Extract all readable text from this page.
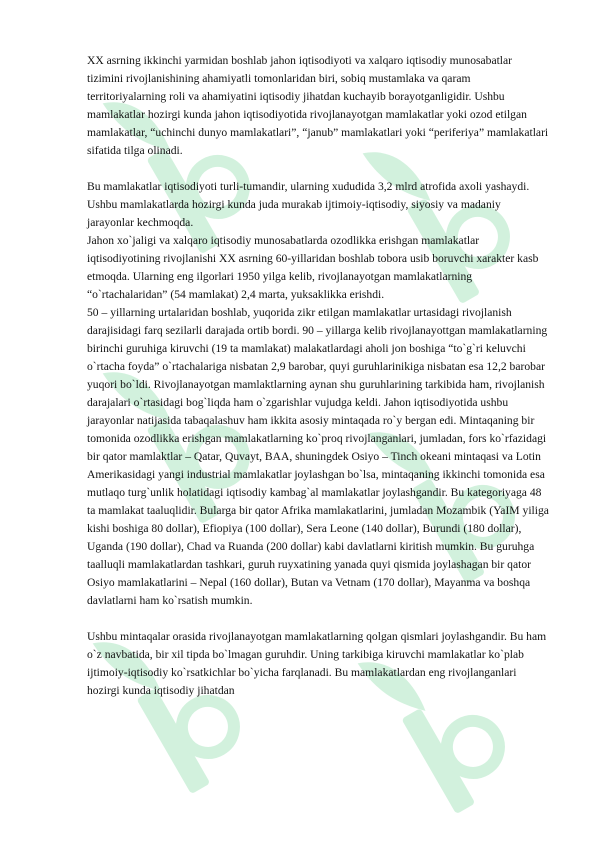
XX asrning ikkinchi yarmidan boshlab jahon iqtisodiyoti va xalqaro iqtisodiy munosabatlar tizimini rivojlanishining ahamiyatli tomonlaridan biri, sobiq mustamlaka va qaram territoriyalarning roli va ahamiyatini iqtisodiy jihatdan kuchayib borayotganligidir. Ushbu mamlakatlar hozirgi kunda jahon iqtisodiyotida rivojlanayotgan mamlakatlar yoki ozod etilgan mamlakatlar, “uchinchi dunyo mamlakatlari”, “janub” mamlakatlari yoki “periferiya” mamlakatlari sifatida tilga olinadi.

Bu mamlakatlar iqtisodiyoti turli-tumandir, ularning xududida 3,2 mlrd atrofida axoli yashaydi. Ushbu mamlakatlarda hozirgi kunda juda murakab ijtimoiy-iqtisodiy, siyosiy va madaniy jarayonlar kechmoqda.

Jahon xo`jaligi va xalqaro iqtisodiy munosabatlarda ozodlikka erishgan mamlakatlar iqtisodiyotining rivojlanishi XX asrning 60-yillaridan boshlab tobora usib boruvchi xarakter kasb etmoqda. Ularning eng ilgorlari 1950 yilga kelib, rivojlanayotgan mamlakatlarning “o`rtachalaridan” (54 mamlakat) 2,4 marta, yuksaklikka erishdi.

50 – yillarning urtalaridan boshlab, yuqorida zikr etilgan mamlakatlar urtasidagi rivojlanish darajisidagi farq sezilarli darajada ortib bordi. 90 – yillarga kelib rivojlanayottgan mamlakatlarning birinchi guruhiga kiruvchi (19 ta mamlakat) malakatlardagi aholi jon boshiga “to`g`ri keluvchi o`rtacha foyda” o`rtachalariga nisbatan 2,9 barobar, quyi guruhlarinikiga nisbatan esa 12,2 barobar yuqori bo`ldi. Rivojlanayotgan mamlaktlarning aynan shu guruhlarining tarkibida ham, rivojlanish darajalari o`rtasidagi bog`liqda ham o`zgarishlar vujudga keldi. Jahon iqtisodiyotida ushbu jarayonlar natijasida tabaqalashuv ham ikkita asosiy mintaqada ro`y bergan edi. Mintaqaning bir tomonida ozodlikka erishgan mamlakatlarning ko`proq rivojlanganlari, jumladan, fors ko`rfazidagi bir qator mamlaktlar – Qatar, Quvayt, BAA, shuningdek Osiyo – Tinch okeani mintaqasi va Lotin Amerikasidagi yangi industrial mamlakatlar joylashgan bo`lsa, mintaqaning ikkinchi tomonida esa mutlaqo turg`unlik holatidagi iqtisodiy kambag`al mamlakatlar joylashgandir. Bu kategoriyaga 48 ta mamlakat taaluqlidir. Bularga bir qator Afrika mamlakatlarini, jumladan Mozambik (YaIM yiliga kishi boshiga 80 dollar), Efiopiya (100 dollar), Sera Leone (140 dollar), Burundi (180 dollar), Uganda (190 dollar), Chad va Ruanda (200 dollar) kabi davlatlarni kiritish mumkin. Bu guruhga taalluqli mamlakatlardan tashkari, guruh ruyxatining yanada quyi qismida joylashagan bir qator Osiyo mamlakatlarini – Nepal (160 dollar), Butan va Vetnam (170 dollar), Mayanma va boshqa davlatlarni ham ko`rsatish mumkin.

Ushbu mintaqalar orasida rivojlanayotgan mamlakatlarning qolgan qismlari joylashgandir. Bu ham o`z navbatida, bir xil tipda bo`lmagan guruhdir. Uning tarkibiga kiruvchi mamlakatlar ko`plab ijtimoiy-iqtisodiy ko`rsatkichlar bo`yicha farqlanadi. Bu mamlakatlardan eng rivojlanganlari hozirgi kunda iqtisodiy jihatdan
